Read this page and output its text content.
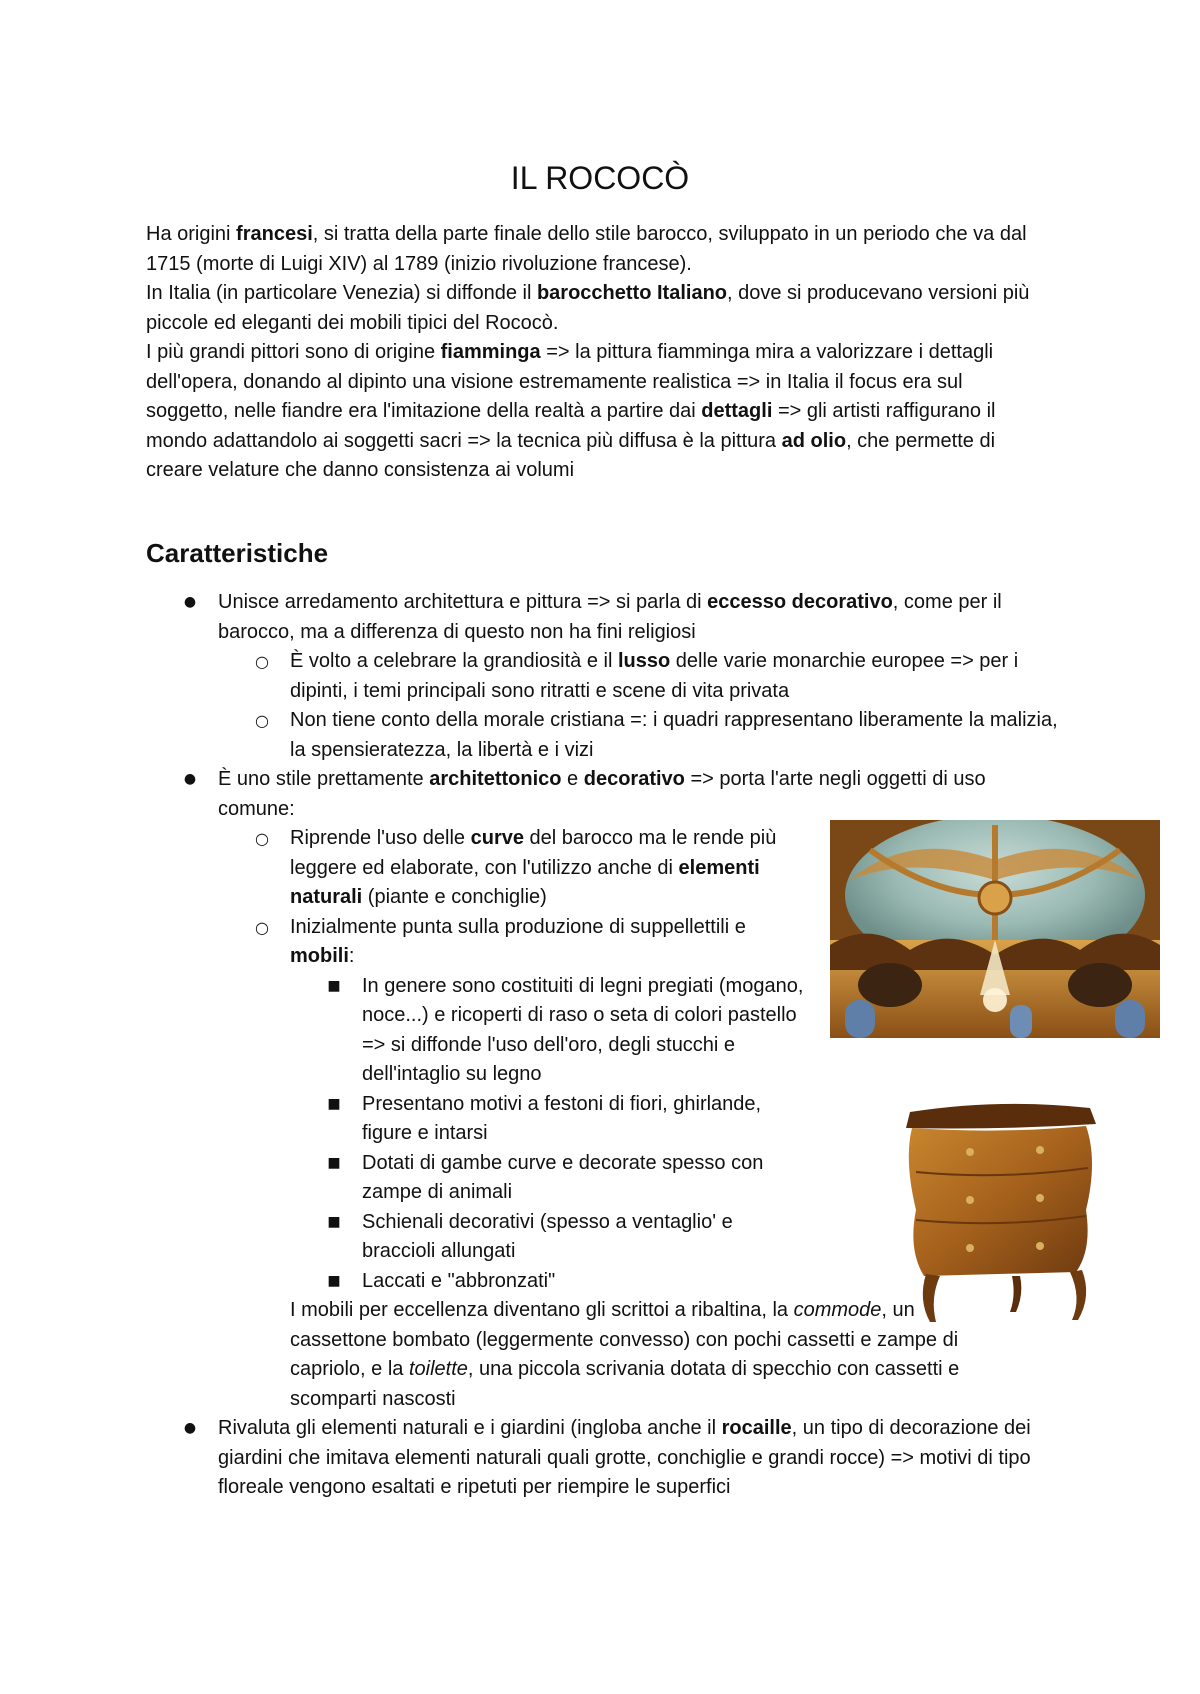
IL ROCOCÒ

Ha origini francesi, si tratta della parte finale dello stile barocco, sviluppato in un periodo che va dal 1715 (morte di Luigi XIV) al 1789 (inizio rivoluzione francese).

In Italia (in particolare Venezia) si diffonde il barocchetto Italiano, dove si producevano versioni più piccole ed eleganti dei mobili tipici del Rococò.

I più grandi pittori sono di origine fiamminga => la pittura fiamminga mira a valorizzare i dettagli dell'opera, donando al dipinto una visione estremamente realistica => in Italia il focus era sul soggetto, nelle fiandre era l'imitazione della realtà a partire dai dettagli => gli artisti raffigurano il mondo adattandolo ai soggetti sacri => la tecnica più diffusa è la pittura ad olio, che permette di creare velature che danno consistenza ai volumi

Caratteristiche
● Unisce arredamento architettura e pittura => si parla di eccesso decorativo, come per il barocco, ma a differenza di questo non ha fini religiosi
○ È volto a celebrare la grandiosità e il lusso delle varie monarchie europee => per i dipinti, i temi principali sono ritratti e scene di vita privata
○ Non tiene conto della morale cristiana =: i quadri rappresentano liberamente la malizia, la spensieratezza, la libertà e i vizi
● È uno stile prettamente architettonico e decorativo => porta l'arte negli oggetti di uso comune:
○ Riprende l'uso delle curve del barocco ma le rende più leggere ed elaborate, con l'utilizzo anche di elementi naturali (piante e conchiglie)
○ Inizialmente punta sulla produzione di suppellettili e mobili:
■ In genere sono costituiti di legni pregiati (mogano, noce...) e ricoperti di raso o seta di colori pastello => si diffonde l'uso dell'oro, degli stucchi e dell'intaglio su legno
■ Presentano motivi a festoni di fiori, ghirlande, figure e intarsi
■ Dotati di gambe curve e decorate spesso con zampe di animali
■ Schienali decorativi (spesso a ventaglio' e braccioli allungati
■ Laccati e "abbronzati"
I mobili per eccellenza diventano gli scrittoi a ribaltina, la commode, un cassettone bombato (leggermente convesso) con pochi cassetti e zampe di capriolo, e la toilette, una piccola scrivania dotata di specchio con cassetti e scomparti nascosti
● Rivaluta gli elementi naturali e i giardini (ingloba anche il rocaille, un tipo di decorazione dei giardini che imitava elementi naturali quali grotte, conchiglie e grandi rocce) => motivi di tipo floreale vengono esaltati e ripetuti per riempire le superfici
